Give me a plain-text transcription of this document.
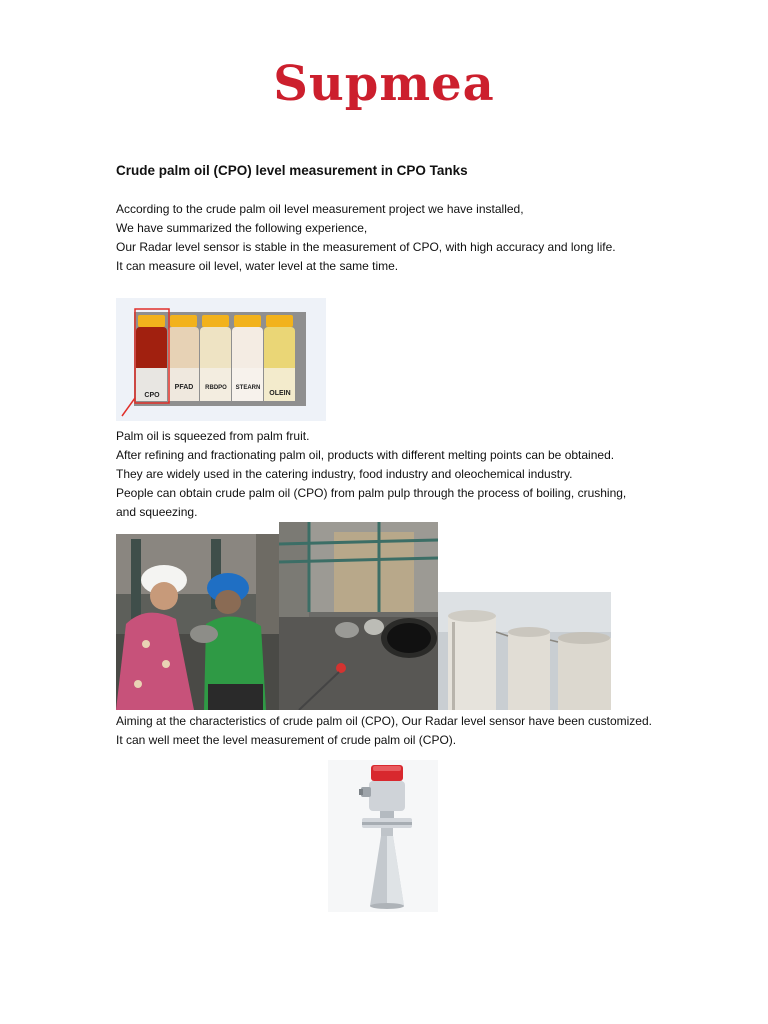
Supmea
Crude palm oil (CPO) level measurement in CPO Tanks
According to the crude palm oil level measurement project we have installed,
We have summarized the following experience,
Our Radar level sensor is stable in the measurement of CPO, with high accuracy and long life.
It can measure oil level, water level at the same time.
CPO
PFAD RBDPO STEARN
OLEIN
Palm oil is squeezed from palm fruit.
After refining and fractionating palm oil, products with different melting points can be obtained.
They are widely used in the catering industry, food industry and oleochemical industry.
People can obtain crude palm oil (CPO) from palm pulp through the process of boiling, crushing,
and squeezing.
Aiming at the characteristics of crude palm oil (CPO), Our Radar level sensor have been customized. It can well meet the level measurement of crude palm oil (CPO).
